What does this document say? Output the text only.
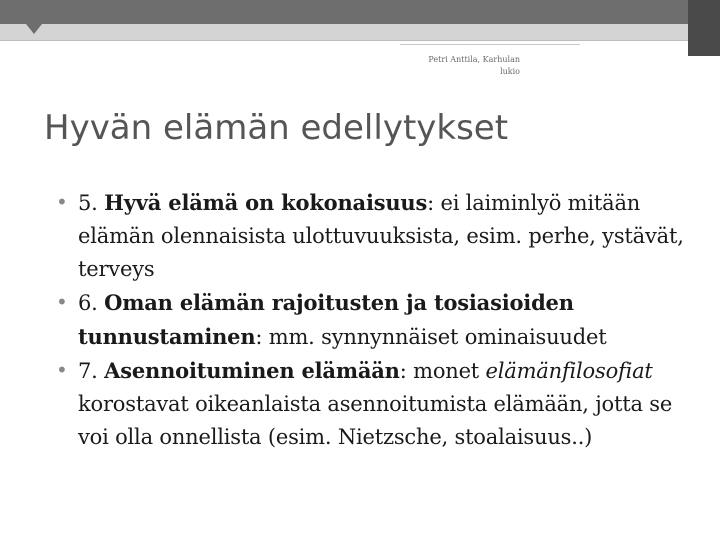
Petri Anttila, Karhulan
lukio
Hyvän elämän edellytykset
• 5. Hyvä elämä on kokonaisuus: ei laiminlyö mitään elämän olennaisista ulottuvuuksista, esim. perhe, ystävät, terveys
• 6. Oman elämän rajoitusten ja tosiasioiden tunnustaminen: mm. synnynnäiset ominaisuudet
• 7. Asennoituminen elämään: monet elämänfilosofiat korostavat oikeanlaista asennoitumista elämään, jotta se voi olla onnellista (esim. Nietzsche, stoalaisuus..)
